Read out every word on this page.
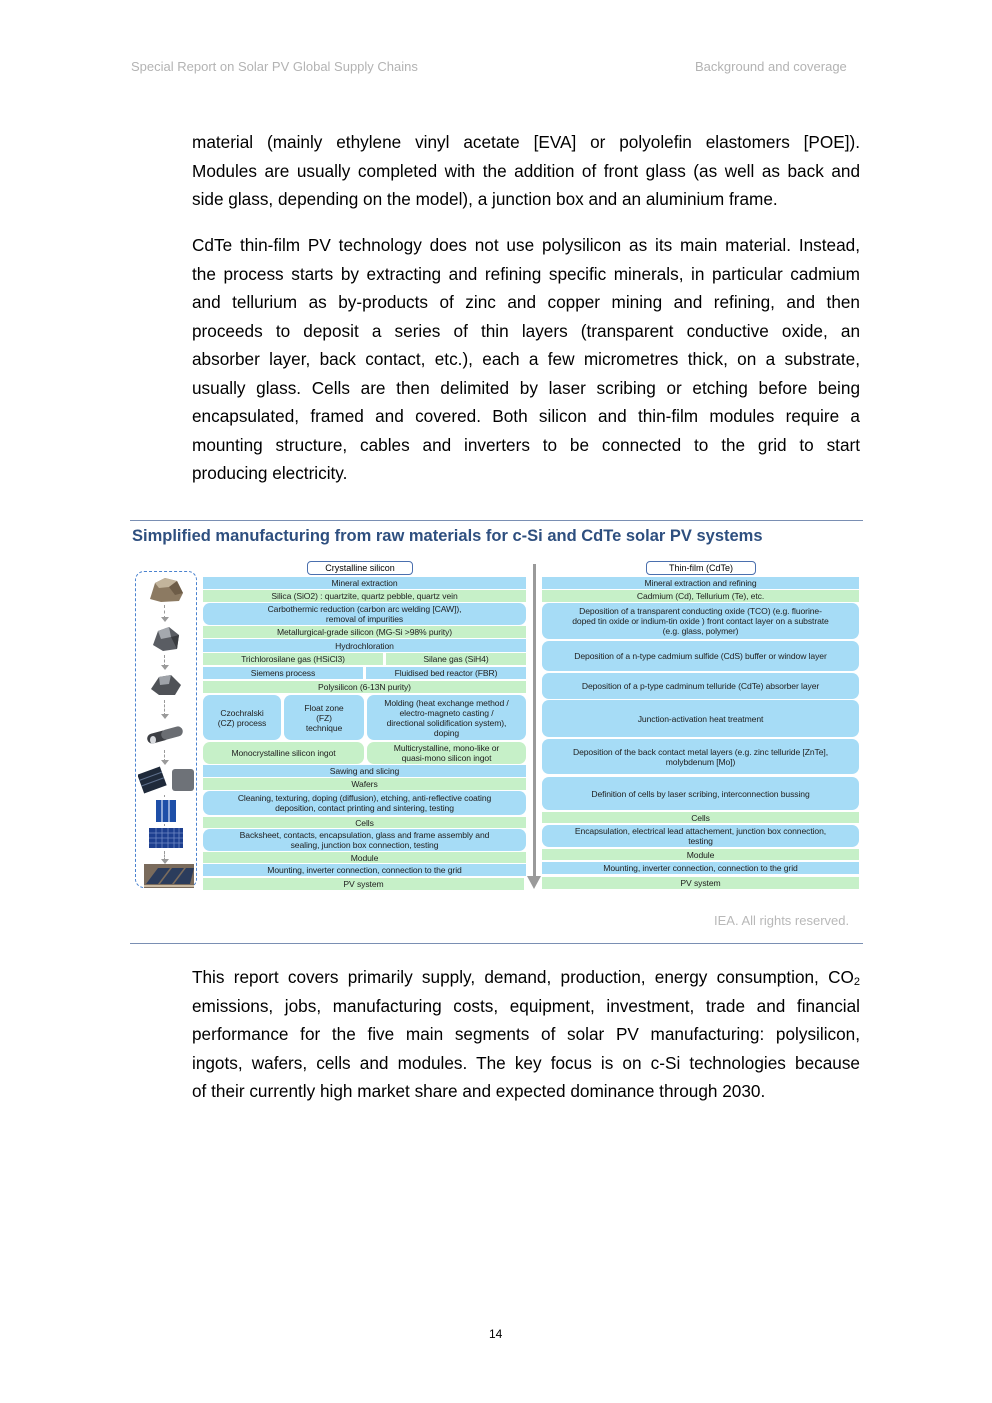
Special Report on Solar PV Global Supply Chains	Background and coverage
material (mainly ethylene vinyl acetate [EVA] or polyolefin elastomers [POE]).
Modules are usually completed with the addition of front glass (as well as back and
side glass, depending on the model), a junction box and an aluminium frame.
CdTe thin-film PV technology does not use polysilicon as its main material. Instead,
the process starts by extracting and refining specific minerals, in particular cadmium
and tellurium as by-products of zinc and copper mining and refining, and then
proceeds to deposit a series of thin layers (transparent conductive oxide, an
absorber layer, back contact, etc.), each a few micrometres thick, on a substrate,
usually glass. Cells are then delimited by laser scribing or etching before being
encapsulated, framed and covered. Both silicon and thin-film modules require a
mounting structure, cables and inverters to be connected to the grid to start
producing electricity.
Simplified manufacturing from raw materials for c-Si and CdTe solar PV systems
Crystalline silicon
Mineral extraction
Silica (SiO2) : quartzite, quartz pebble, quartz vein
Carbothermic reduction (carbon arc welding [CAW]),
removal of impurities
Metallurgical-grade silicon (MG-Si >98% purity)
Hydrochloration
Trichlorosilane gas (HSiCl3)	Silane gas (SiH4)
Siemens process	Fluidised bed reactor (FBR)
Polysilicon (6-13N purity)
Czochralski
(CZ) process
Float zone
(FZ)
technique
Molding (heat exchange method /
electro-magneto casting /
directional solidification system),
doping
Monocrystalline silicon ingot	Multicrystalline, mono-like or
quasi-mono silicon ingot
Sawing and slicing
Wafers
Cleaning, texturing, doping (diffusion), etching, anti-reflective coating
deposition, contact printing and sintering, testing
Cells
Backsheet, contacts, encapsulation, glass and frame assembly and
sealing, junction box connection, testing
Module
Mounting, inverter connection, connection to the grid
PV system
Thin-film (CdTe)
Mineral extraction and refining
Cadmium (Cd), Tellurium (Te), etc.
Deposition of a transparent conducting oxide (TCO) (e.g. fluorine-
doped tin oxide or indium-tin oxide ) front contact layer on a substrate
(e.g. glass, polymer)
Deposition of a n-type cadmium sulfide (CdS) buffer or window layer
Deposition of a p-type cadminum telluride (CdTe) absorber layer
Junction-activation heat treatment
Deposition of the back contact metal layers (e.g. zinc telluride [ZnTe],
molybdenum [Mo])
Definition of cells by laser scribing, interconnection bussing
Cells
Encapsulation, electrical lead attachement, junction box connection,
testing
Module
Mounting, inverter connection, connection to the grid
PV system
IEA. All rights reserved.
This report covers primarily supply, demand, production, energy consumption, $CO_2$
emissions, jobs, manufacturing costs, equipment, investment, trade and financial
performance for the five main segments of solar PV manufacturing: polysilicon,
ingots, wafers, cells and modules. The key focus is on c-Si technologies because
of their currently high market share and expected dominance through 2030.
14
